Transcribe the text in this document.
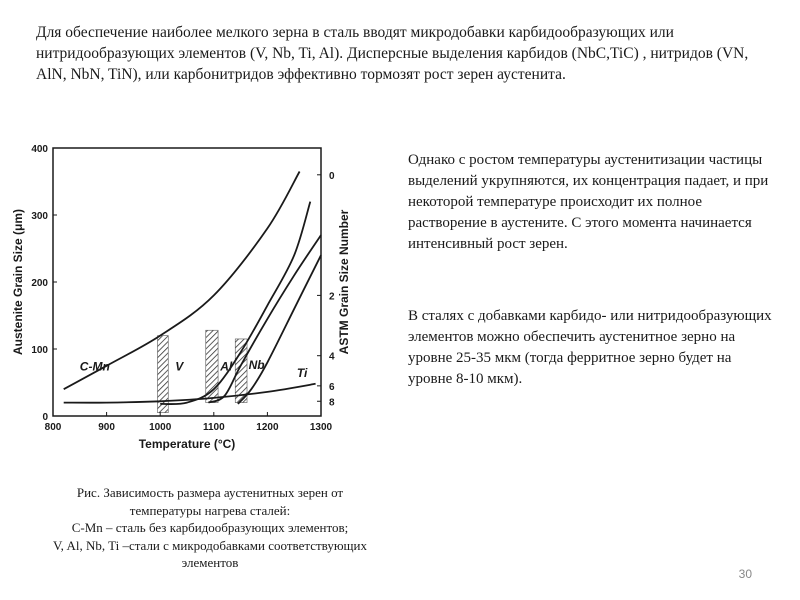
Для обеспечение наиболее мелкого зерна в сталь вводят микродобавки карбидообразующих или нитридообразующих элементов (V, Nb, Ti, Al). Дисперсные выделения карбидов (NbC,TiC) , нитридов (VN, AlN, NbN, TiN), или карбонитридов эффективно тормозят рост зерен аустенита.

800	900	1000	1100	1200	1300
0
100
200
300
400
0
2
4
6
8
C-Mn	V	Al Nb
Ti
Temperature (°C)
Austenite Grain Size (μm)	ASTM Grain Size Number

Однако с ростом температуры аустенитизации частицы выделений укрупняются, их концентрация падает, и при некоторой температуре происходит их полное растворение в аустените. С этого момента начинается интенсивный рост зерен.

В сталях с добавками карбидо- или нитридообразующих элементов можно обеспечить аустенитное зерно на уровне 25-35 мкм (тогда ферритное зерно будет на уровне 8-10 мкм).

Рис. Зависимость размера аустенитных зерен от
температуры нагрева сталей:
C-Mn – сталь без карбидообразующих элементов;
V, Al, Nb, Ti –стали с микродобавками соответствующих
элементов
30
